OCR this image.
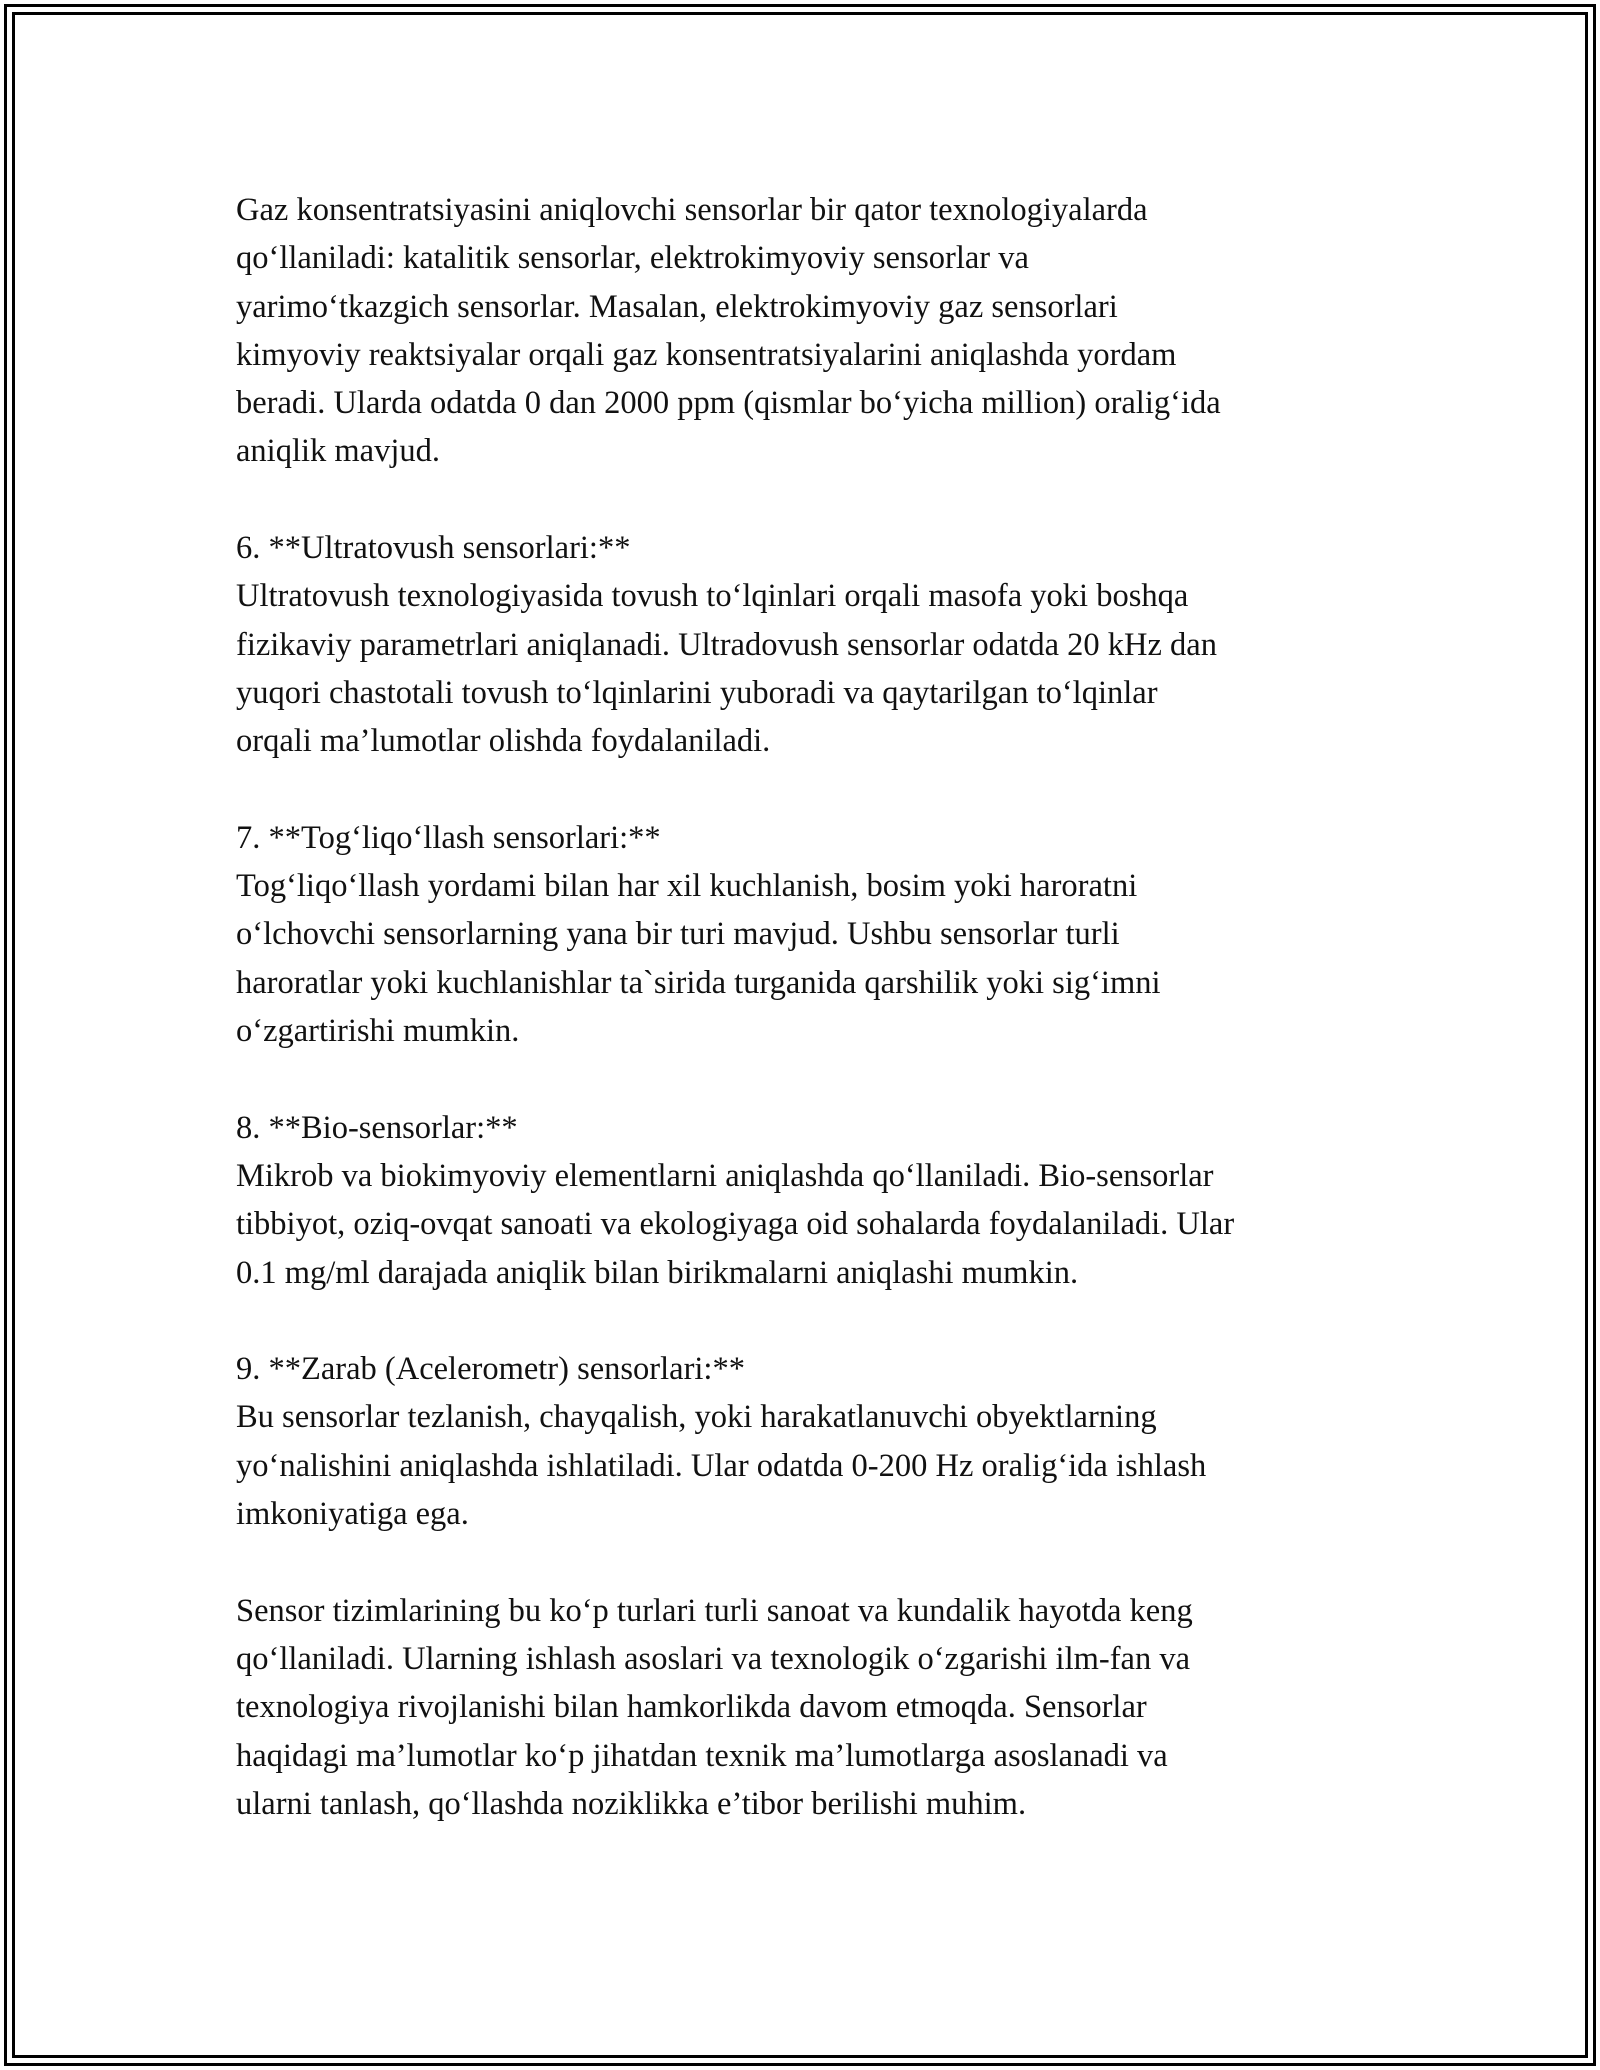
Gaz konsentratsiyasini aniqlovchi sensorlar bir qator texnologiyalarda
qo‘llaniladi: katalitik sensorlar, elektrokimyoviy sensorlar va
yarimo‘tkazgich sensorlar. Masalan, elektrokimyoviy gaz sensorlari
kimyoviy reaktsiyalar orqali gaz konsentratsiyalarini aniqlashda yordam
beradi. Ularda odatda 0 dan 2000 ppm (qismlar bo‘yicha million) oralig‘ida
aniqlik mavjud.

6. **Ultratovush sensorlari:**
Ultratovush texnologiyasida tovush to‘lqinlari orqali masofa yoki boshqa
fizikaviy parametrlari aniqlanadi. Ultradovush sensorlar odatda 20 kHz dan
yuqori chastotali tovush to‘lqinlarini yuboradi va qaytarilgan to‘lqinlar
orqali ma’lumotlar olishda foydalaniladi.

7. **Tog‘liqo‘llash sensorlari:**
Tog‘liqo‘llash yordami bilan har xil kuchlanish, bosim yoki haroratni
o‘lchovchi sensorlarning yana bir turi mavjud. Ushbu sensorlar turli
haroratlar yoki kuchlanishlar ta`sirida turganida qarshilik yoki sig‘imni
o‘zgartirishi mumkin.

8. **Bio-sensorlar:**
Mikrob va biokimyoviy elementlarni aniqlashda qo‘llaniladi. Bio-sensorlar
tibbiyot, oziq-ovqat sanoati va ekologiyaga oid sohalarda foydalaniladi. Ular
0.1 mg/ml darajada aniqlik bilan birikmalarni aniqlashi mumkin.

9. **Zarab (Acelerometr) sensorlari:**
Bu sensorlar tezlanish, chayqalish, yoki harakatlanuvchi obyektlarning
yo‘nalishini aniqlashda ishlatiladi. Ular odatda 0-200 Hz oralig‘ida ishlash
imkoniyatiga ega.

Sensor tizimlarining bu ko‘p turlari turli sanoat va kundalik hayotda keng
qo‘llaniladi. Ularning ishlash asoslari va texnologik o‘zgarishi ilm-fan va
texnologiya rivojlanishi bilan hamkorlikda davom etmoqda. Sensorlar
haqidagi ma’lumotlar ko‘p jihatdan texnik ma’lumotlarga asoslanadi va
ularni tanlash, qo‘llashda noziklikka e’tibor berilishi muhim.
